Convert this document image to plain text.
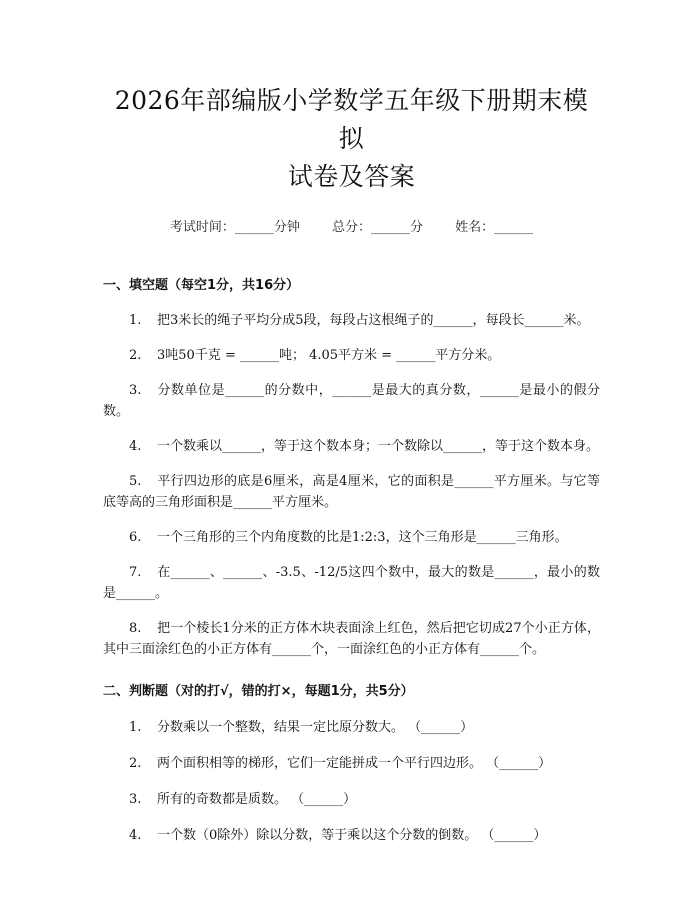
2026年部编版小学数学五年级下册期末模拟
试卷及答案
考试时间：______分钟 总分：______分 姓名：______

一、填空题（每空1分，共16分）

1. 把3米长的绳子平均分成5段，每段占这根绳子的______，每段长______米。

2. 3吨50千克 = ______吨； 4.05平方米 = ______平方分米。

3. 分数单位是______的分数中，______是最大的真分数，______是最小的假分数。

4. 一个数乘以______，等于这个数本身；一个数除以______，等于这个数本身。

5. 平行四边形的底是6厘米，高是4厘米，它的面积是______平方厘米。与它等底等高的三角形面积是______平方厘米。

6. 一个三角形的三个内角度数的比是1:2:3，这个三角形是______三角形。

7. 在______、______、-3.5、-12/5这四个数中，最大的数是______，最小的数是______。

8. 把一个棱长1分米的正方体木块表面涂上红色，然后把它切成27个小正方体，其中三面涂红色的小正方体有______个，一面涂红色的小正方体有______个。

二、判断题（对的打√，错的打×，每题1分，共5分）

1. 分数乘以一个整数，结果一定比原分数大。 （______）

2. 两个面积相等的梯形，它们一定能拼成一个平行四边形。 （______）

3. 所有的奇数都是质数。 （______）

4. 一个数（0除外）除以分数，等于乘以这个分数的倒数。 （______）
